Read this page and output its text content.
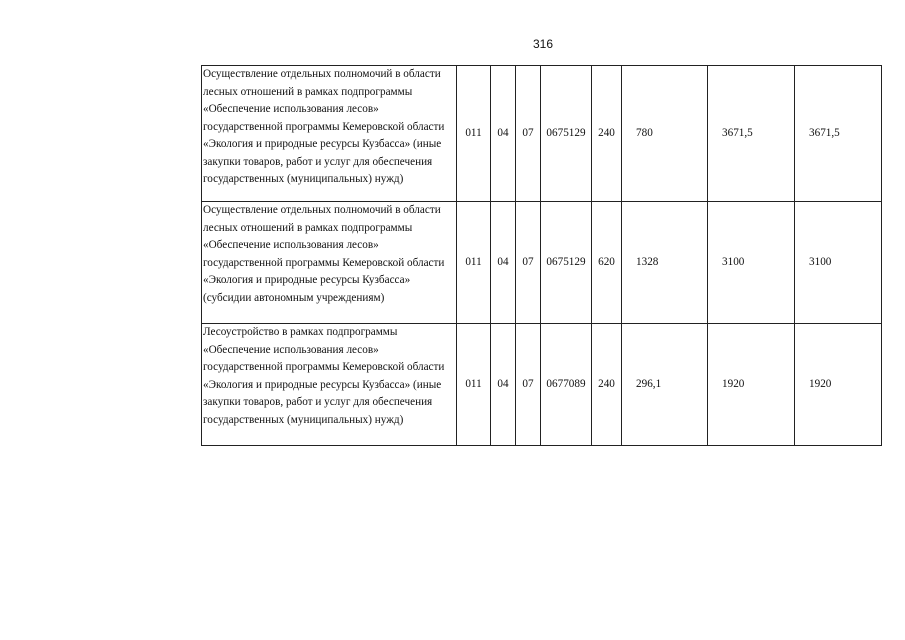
316
Осуществление отдельных полномочий в области лесных отношений в рамках подпрограммы «Обеспечение использования лесов» государственной программы Кемеровской области «Экология и природные ресурсы Кузбасса» (иные закупки товаров, работ и услуг для обеспечения государственных (муниципальных) нужд)	011	04	07	0675129	240	780	3671,5	3671,5

Осуществление отдельных полномочий в области лесных отношений в рамках подпрограммы «Обеспечение использования лесов» государственной программы Кемеровской области «Экология и природные ресурсы Кузбасса» (субсидии автономным учреждениям)	011	04	07	0675129	620	1328	3100	3100

Лесоустройство в рамках подпрограммы «Обеспечение использования лесов» государственной программы Кемеровской области «Экология и природные ресурсы Кузбасса» (иные закупки товаров, работ и услуг для обеспечения государственных (муниципальных) нужд)	011	04	07	0677089	240	296,1	1920	1920
